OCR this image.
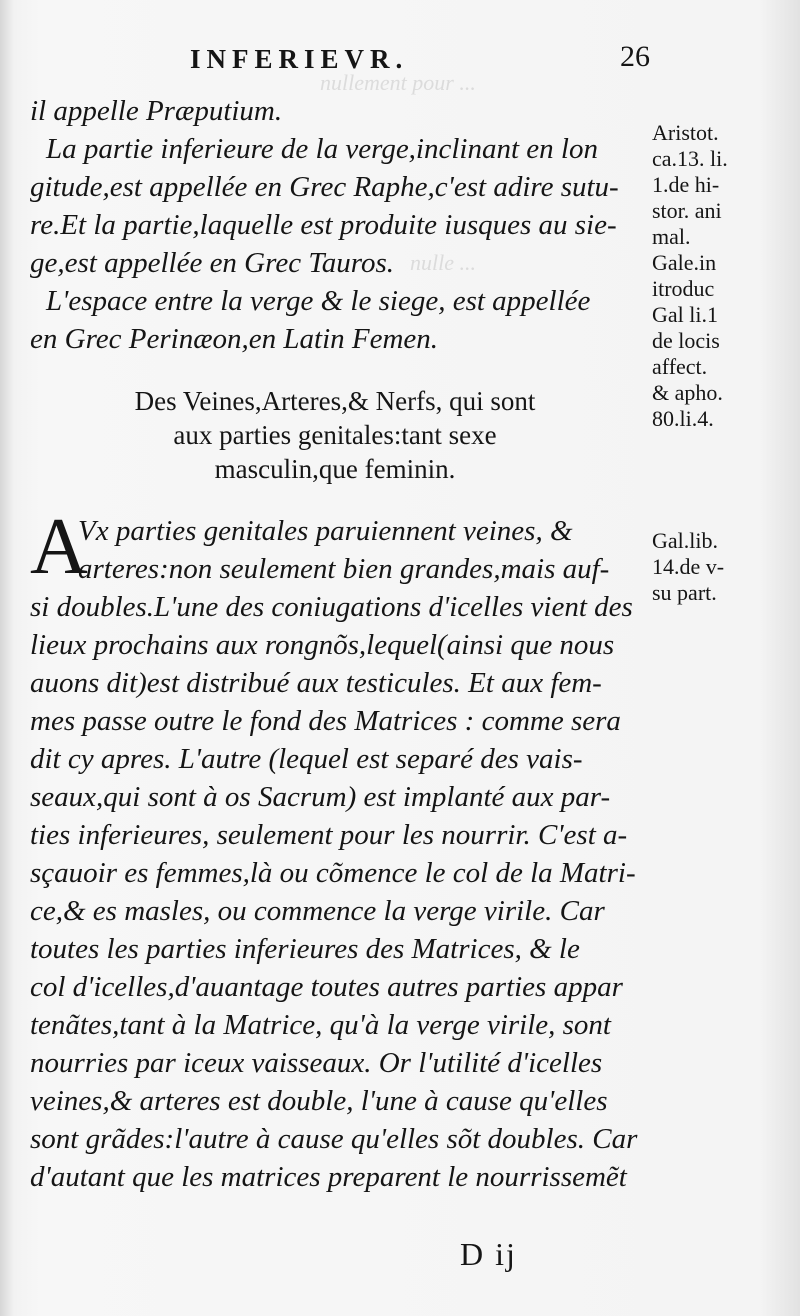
nullement pour ...
nulle ...
INFERIEVR.	26
il appelle Præputium.
La partie inferieure de la verge,inclinant en lon
gitude,est appellée en Grec Raphe,c'est adire sutu-
re.Et la partie,laquelle est produite iusques au sie-
ge,est appellée en Grec Tauros.
L'espace entre la verge & le siege, est appellée
en Grec Perinæon,en Latin Femen.
Des Veines,Arteres,& Nerfs, qui sont
aux parties genitales:tant sexe
masculin,que feminin.
A
Vx parties genitales paruiennent veines, &
arteres:non seulement bien grandes,mais auf-
si doubles.L'une des coniugations d'icelles vient des
lieux prochains aux rongnõs,lequel(ainsi que nous
auons dit)est distribué aux testicules. Et aux fem-
mes passe outre le fond des Matrices : comme sera
dit cy apres. L'autre (lequel est separé des vais-
seaux,qui sont à os Sacrum) est implanté aux par-
ties inferieures, seulement pour les nourrir. C'est a-
sçauoir es femmes,là ou cõmence le col de la Matri-
ce,& es masles, ou commence la verge virile. Car
toutes les parties inferieures des Matrices, & le
col d'icelles,d'auantage toutes autres parties appar
tenãtes,tant à la Matrice, qu'à la verge virile, sont
nourries par iceux vaisseaux. Or l'utilité d'icelles
veines,& arteres est double, l'une à cause qu'elles
sont grãdes:l'autre à cause qu'elles sõt doubles. Car
d'autant que les matrices preparent le nourrissemẽt
Aristot.
ca.13. li.
1.de hi-
stor. ani
mal.
Gale.in
itroduc
Gal li.1
de locis
affect.
& apho.
80.li.4.
Gal.lib.
14.de v-
su part.
D ij
